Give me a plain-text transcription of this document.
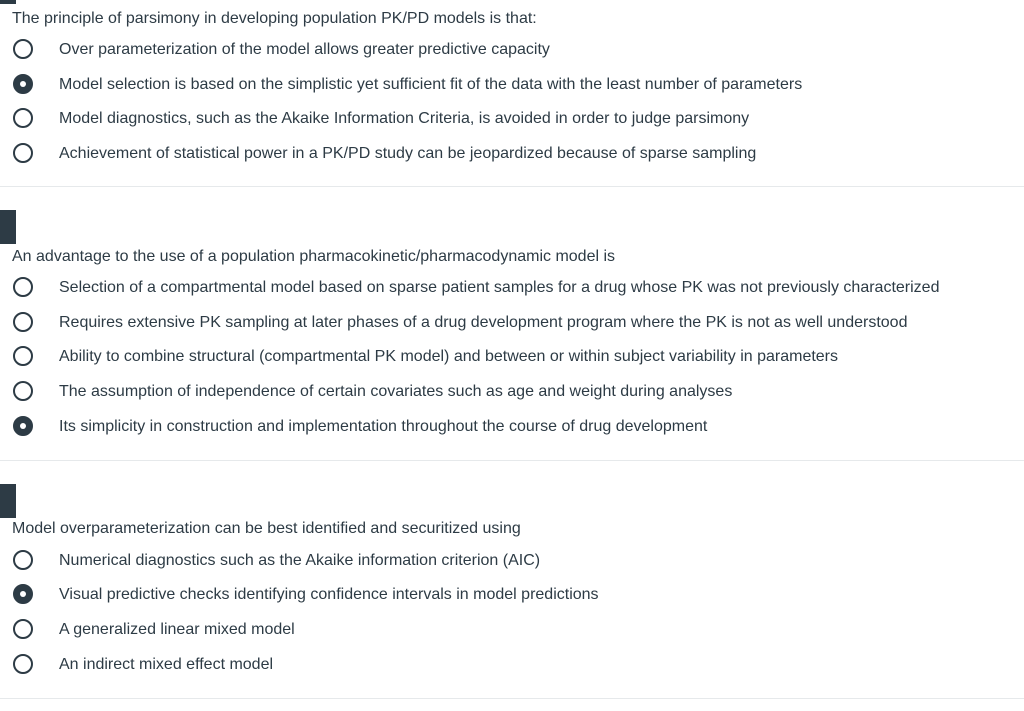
The principle of parsimony in developing population PK/PD models is that:
Over parameterization of the model allows greater predictive capacity
Model selection is based on the simplistic yet sufficient fit of the data with the least number of parameters
Model diagnostics, such as the Akaike Information Criteria, is avoided in order to judge parsimony
Achievement of statistical power in a PK/PD study can be jeopardized because of sparse sampling
An advantage to the use of a population pharmacokinetic/pharmacodynamic model is
Selection of a compartmental model based on sparse patient samples for a drug whose PK was not previously characterized
Requires extensive PK sampling at later phases of a drug development program where the PK is not as well understood
Ability to combine structural (compartmental PK model) and between or within subject variability in parameters
The assumption of independence of certain covariates such as age and weight during analyses
Its simplicity in construction and implementation throughout the course of drug development
Model overparameterization can be best identified and securitized using
Numerical diagnostics such as the Akaike information criterion (AIC)
Visual predictive checks identifying confidence intervals in model predictions
A generalized linear mixed model
An indirect mixed effect model
